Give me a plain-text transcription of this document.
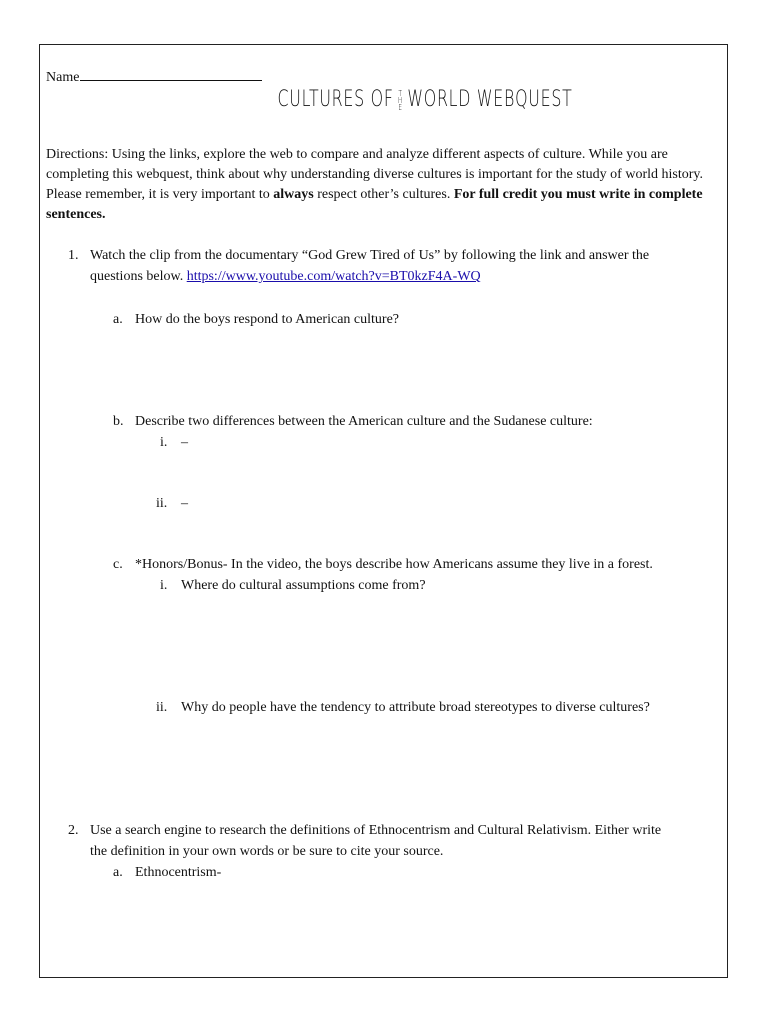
Name
CULTURES OF T
H
E WORLD WEBQUEST
Directions: Using the links, explore the web to compare and analyze different aspects of culture. While you are completing this webquest, think about why understanding diverse cultures is important for the study of world history. Please remember, it is very important to always respect other’s cultures. For full credit you must write in complete sentences.
1. Watch the clip from the documentary “God Grew Tired of Us” by following the link and answer the
questions below. https://www.youtube.com/watch?v=BT0kzF4A-WQ
a. How do the boys respond to American culture?
b. Describe two differences between the American culture and the Sudanese culture:
i. –
ii. –
c. *Honors/Bonus- In the video, the boys describe how Americans assume they live in a forest.
i. Where do cultural assumptions come from?
ii. Why do people have the tendency to attribute broad stereotypes to diverse cultures?
2. Use a search engine to research the definitions of Ethnocentrism and Cultural Relativism. Either write
the definition in your own words or be sure to cite your source.
a. Ethnocentrism-
